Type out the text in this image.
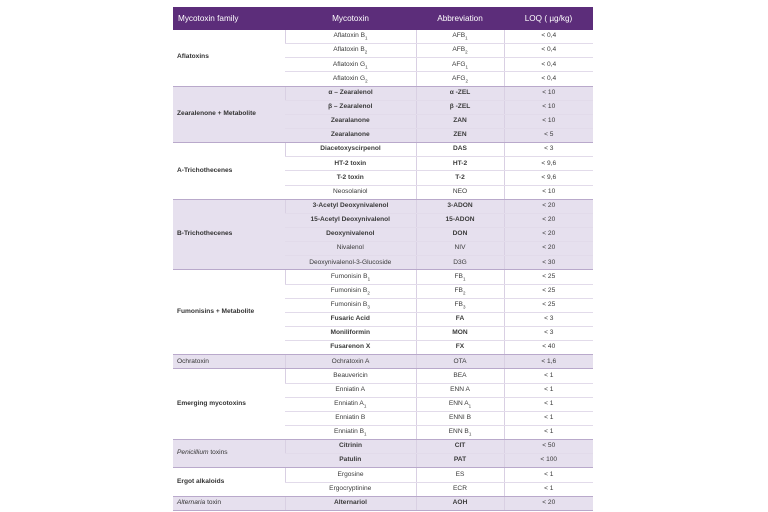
Mycotoxin family	Mycotoxin	Abbreviation	LOQ ( µg/kg)
Aflatoxins	Aflatoxin $B_1$	$AFB_1$	< 0,4
	Aflatoxin $B_2$	$AFB_2$	< 0,4
	Aflatoxin $G_1$	$AFG_1$	< 0,4
	Aflatoxin $G_2$	$AFG_2$	< 0,4
Zearalenone + Metabolite	α – Zearalenol	α -ZEL	< 10
	β – Zearalenol	β -ZEL	< 10
	Zearalanone	ZAN	< 10
	Zearalanone	ZEN	< 5
A-Trichothecenes	Diacetoxyscirpenol	DAS	< 3
	HT-2 toxin	HT-2	< 9,6
	T-2 toxin	T-2	< 9,6
	Neosolaniol	NEO	< 10
B-Trichothecenes	3-Acetyl Deoxynivalenol	3-ADON	< 20
	15-Acetyl Deoxynivalenol	15-ADON	< 20
	Deoxynivalenol	DON	< 20
	Nivalenol	NIV	< 20
	Deoxynivalenol-3-Glucoside	D3G	< 30
Fumonisins + Metabolite	Fumonisin $B_1$	$FB_1$	< 25
	Fumonisin $B_2$	$FB_2$	< 25
	Fumonisin $B_3$	$FB_3$	< 25
	Fusaric Acid	FA	< 3
	Moniliformin	MON	< 3
	Fusarenon X	FX	< 40
Ochratoxin	Ochratoxin A	OTA	< 1,6
Emerging mycotoxins	Beauvericin	BEA	< 1
	Enniatin A	ENN A	< 1
	Enniatin $A_1$	ENN $A_1$	< 1
	Enniatin B	ENNI B	< 1
	Enniatin $B_1$	ENN $B_1$	< 1
Penicillium toxins	Citrinin	CIT	< 50
	Patulin	PAT	< 100
Ergot alkaloids	Ergosine	ES	< 1
	Ergocryptinine	ECR	< 1
Alternaria toxin	Alternariol	AOH	< 20
